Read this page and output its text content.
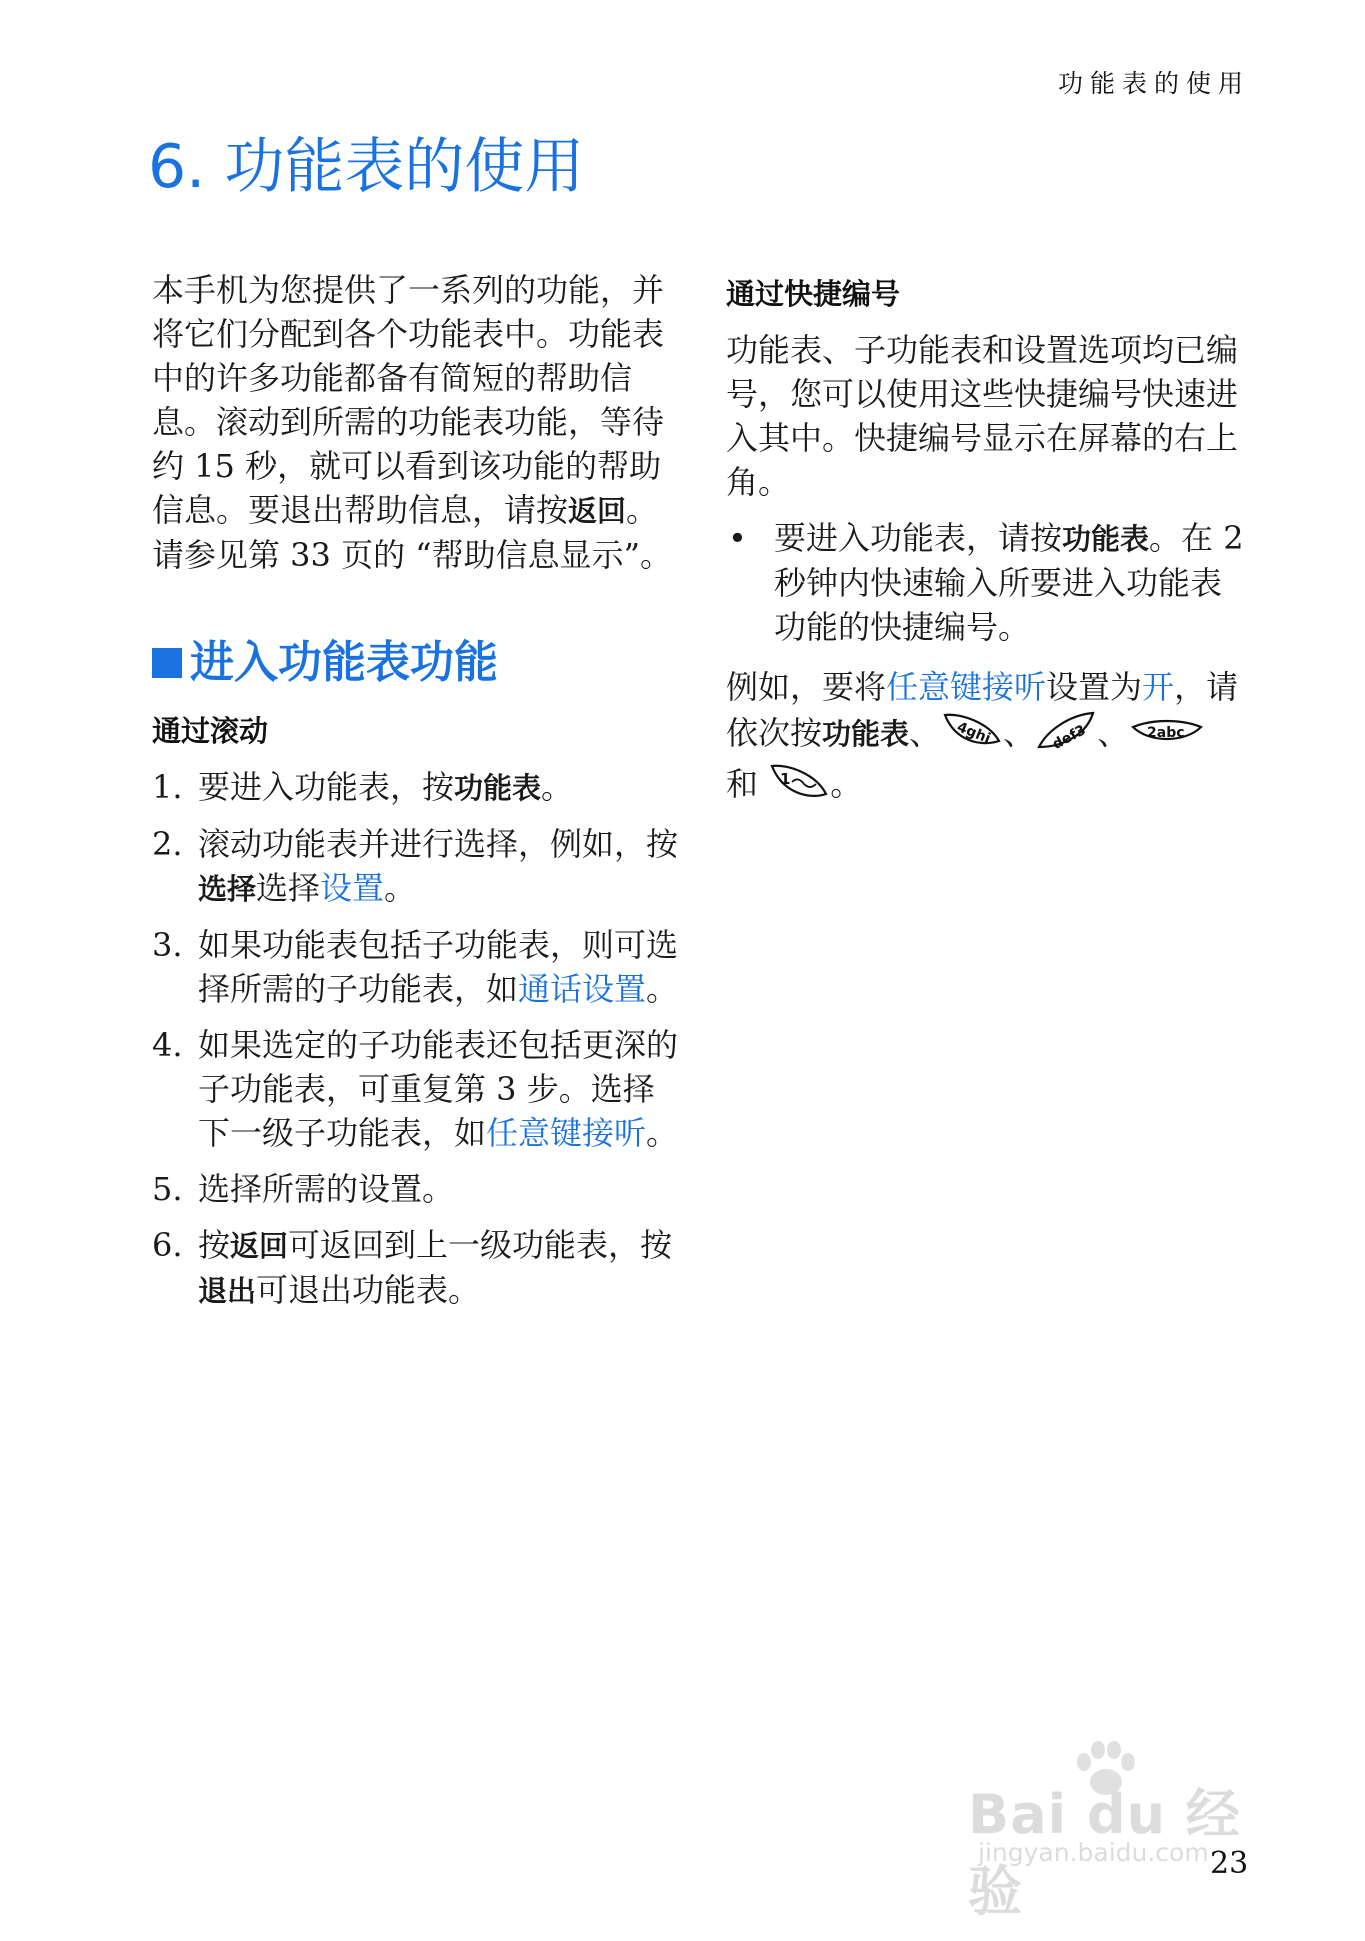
功能表的使用
6. 功能表的使用

本手机为您提供了一系列的功能，并将它们分配到各个功能表中。功能表中的许多功能都备有简短的帮助信息。滚动到所需的功能表功能，等待约 15 秒，就可以看到该功能的帮助信息。要退出帮助信息，请按返回。请参见第 33 页的 “帮助信息显示”。

进入功能表功能
通过滚动
1. 要进入功能表，按功能表。
2. 滚动功能表并进行选择，例如，按选择选择设置。
3. 如果功能表包括子功能表，则可选择所需的子功能表，如通话设置。
4. 如果选定的子功能表还包括更深的子功能表，可重复第 3 步。选择下一级子功能表，如任意键接听。
5. 选择所需的设置。
6. 按返回可返回到上一级功能表，按退出可退出功能表。
通过快捷编号

功能表、子功能表和设置选项均已编号，您可以使用这些快捷编号快速进入其中。快捷编号显示在屏幕的右上角。

• 要进入功能表，请按功能表。在 2 秒钟内快速输入所要进入功能表功能的快捷编号。

例如，要将任意键接听设置为开，请依次按功能表、 4ghi 、 def3 、 2abc
和 1 。

Bai du 经验
jingyan.baidu.com 23
